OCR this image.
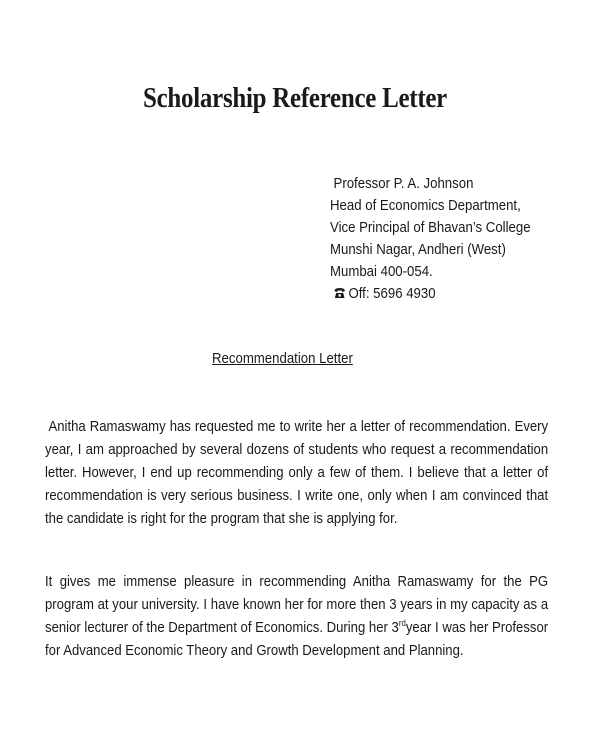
Scholarship Reference Letter
Professor P. A. Johnson
Head of Economics Department,
Vice Principal of Bhavan’s College
Munshi Nagar, Andheri (West)
Mumbai 400-054.
Off: 5696 4930
Recommendation Letter
Anitha Ramaswamy has requested me to write her a letter of recommendation. Every year, I am approached by several dozens of students who request a recommendation letter. However, I end up recommending only a few of them. I believe that a letter of recommendation is very serious business. I write one, only when I am convinced that the candidate is right for the program that she is applying for.
It gives me immense pleasure in recommending Anitha Ramaswamy for the PG program at your university. I have known her for more then 3 years in my capacity as a senior lecturer of the Department of Economics. During her 3rdyear I was her Professor for Advanced Economic Theory and Growth Development and Planning.
